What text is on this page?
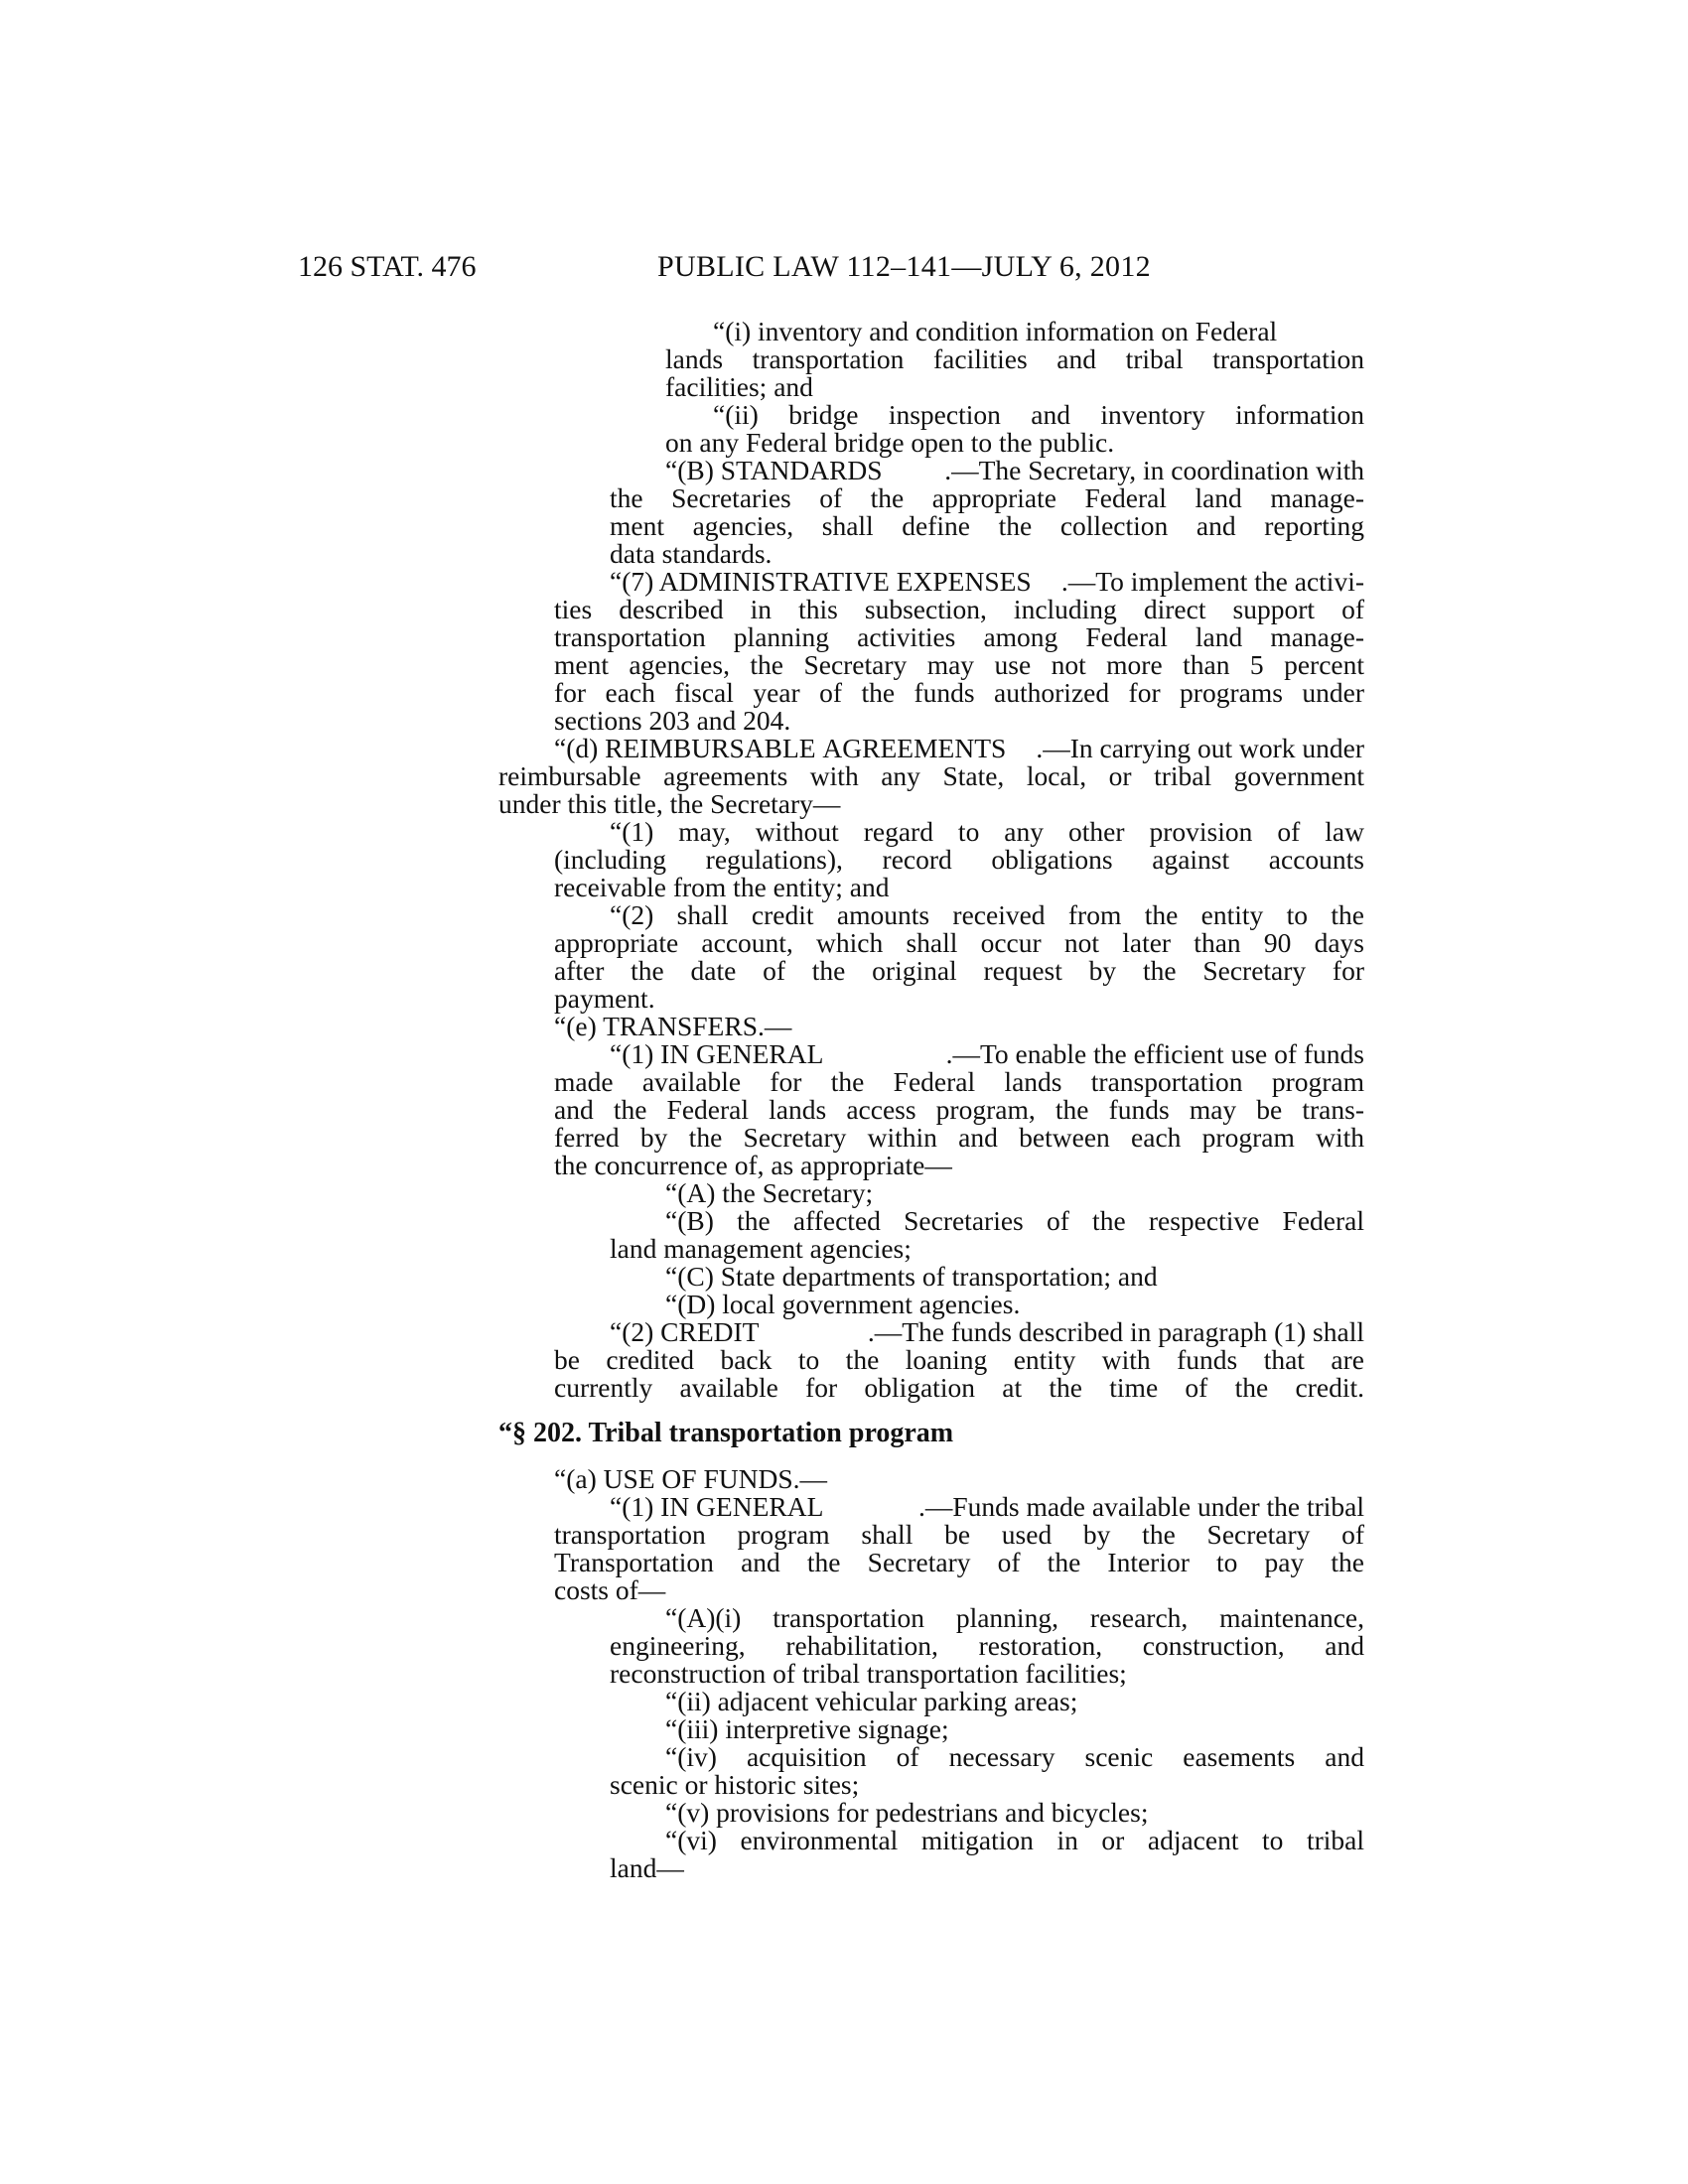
126 STAT. 476	PUBLIC LAW 112–141—JULY 6, 2012
“(i) inventory and condition information on Federal
lands transportation facilities and tribal transportation
facilities; and
“(ii) bridge inspection and inventory information
on any Federal bridge open to the public.
“(B) STANDARDS .—The Secretary, in coordination with
the Secretaries of the appropriate Federal land manage-
ment agencies, shall define the collection and reporting
data standards.
“(7) ADMINISTRATIVE EXPENSES .—To implement the activi-
ties described in this subsection, including direct support of
transportation planning activities among Federal land manage-
ment agencies, the Secretary may use not more than 5 percent
for each fiscal year of the funds authorized for programs under
sections 203 and 204.
“(d) REIMBURSABLE AGREEMENTS .—In carrying out work under
reimbursable agreements with any State, local, or tribal government
under this title, the Secretary—
“(1) may, without regard to any other provision of law
(including regulations), record obligations against accounts
receivable from the entity; and
“(2) shall credit amounts received from the entity to the
appropriate account, which shall occur not later than 90 days
after the date of the original request by the Secretary for
payment.
“(e) TRANSFERS.—
“(1) IN GENERAL	.—To enable the efficient use of funds
made available for the Federal lands transportation program
and the Federal lands access program, the funds may be trans-
ferred by the Secretary within and between each program with
the concurrence of, as appropriate—
“(A) the Secretary;
“(B) the affected Secretaries of the respective Federal
land management agencies;
“(C) State departments of transportation; and
“(D) local government agencies.
“(2) CREDIT	.—The funds described in paragraph (1) shall
be credited back to the loaning entity with funds that are
currently available for obligation at the time of the credit.
“§ 202. Tribal transportation program
“(a) USE OF FUNDS.—
“(1) IN GENERAL	.—Funds made available under the tribal
transportation program shall be used by the Secretary of
Transportation and the Secretary of the Interior to pay the
costs of—
“(A)(i) transportation planning, research, maintenance,
engineering, rehabilitation, restoration, construction, and
reconstruction of tribal transportation facilities;
“(ii) adjacent vehicular parking areas;
“(iii) interpretive signage;
“(iv) acquisition of necessary scenic easements and
scenic or historic sites;
“(v) provisions for pedestrians and bicycles;
“(vi) environmental mitigation in or adjacent to tribal
land—
